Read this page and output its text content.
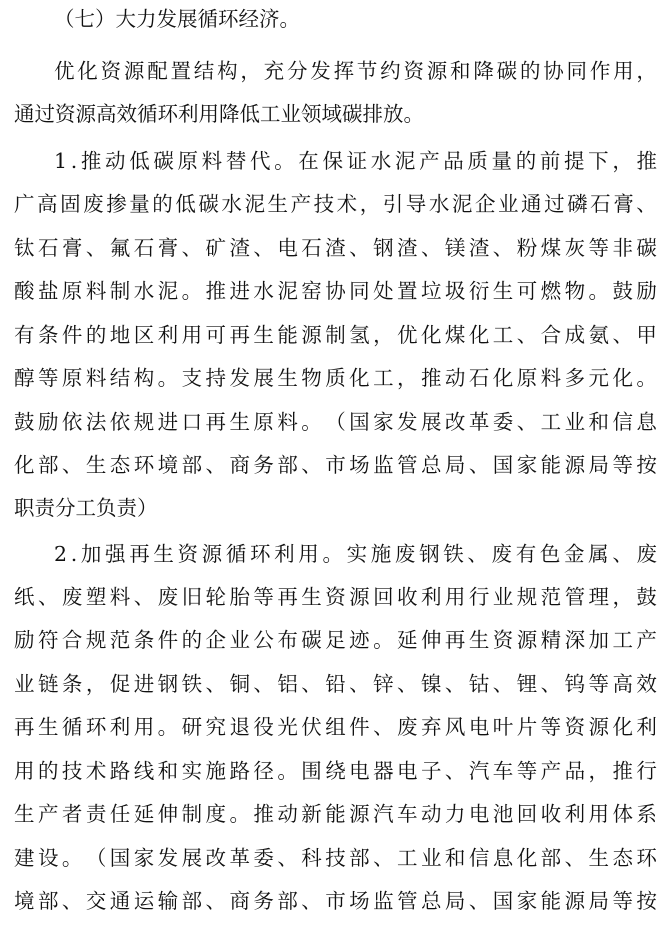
（七）大力发展循环经济。
优 化 资 源 配 置 结 构 ， 充 分 发 挥 节 约 资 源 和 降 碳 的 协 同 作 用 ，
通过资源高效循环利用降低工业领域碳排放。
1 . 推 动 低 碳 原 料 替 代 。 在 保 证 水 泥 产 品 质 量 的 前 提 下 ， 推
广 高 固 废 掺 量 的 低 碳 水 泥 生 产 技 术 ， 引 导 水 泥 企 业 通 过 磷 石 膏 、
钛 石 膏 、 氟 石 膏 、 矿 渣 、 电 石 渣 、 钢 渣 、 镁 渣 、 粉 煤 灰 等 非 碳
酸 盐 原 料 制 水 泥 。 推 进 水 泥 窑 协 同 处 置 垃 圾 衍 生 可 燃 物 。 鼓 励
有 条 件 的 地 区 利 用 可 再 生 能 源 制 氢 ， 优 化 煤 化 工 、 合 成 氨 、 甲
醇 等 原 料 结 构 。 支 持 发 展 生 物 质 化 工 ， 推 动 石 化 原 料 多 元 化 。
鼓 励 依 法 依 规 进 口 再 生 原 料 。 （ 国 家 发 展 改 革 委 、 工 业 和 信 息
化 部 、 生 态 环 境 部 、 商 务 部 、 市 场 监 管 总 局 、 国 家 能 源 局 等 按
职责分工负责）
2 . 加 强 再 生 资 源 循 环 利 用 。 实 施 废 钢 铁 、 废 有 色 金 属 、 废
纸 、 废 塑 料 、 废 旧 轮 胎 等 再 生 资 源 回 收 利 用 行 业 规 范 管 理 ， 鼓
励 符 合 规 范 条 件 的 企 业 公 布 碳 足 迹 。 延 伸 再 生 资 源 精 深 加 工 产
业 链 条 ， 促 进 钢 铁 、 铜 、 铝 、 铅 、 锌 、 镍 、 钴 、 锂 、 钨 等 高 效
再 生 循 环 利 用 。 研 究 退 役 光 伏 组 件 、 废 弃 风 电 叶 片 等 资 源 化 利
用 的 技 术 路 线 和 实 施 路 径 。 围 绕 电 器 电 子 、 汽 车 等 产 品 ， 推 行
生 产 者 责 任 延 伸 制 度 。 推 动 新 能 源 汽 车 动 力 电 池 回 收 利 用 体 系
建 设 。 （ 国 家 发 展 改 革 委 、 科 技 部 、 工 业 和 信 息 化 部 、 生 态 环
境 部 、 交 通 运 输 部 、 商 务 部 、 市 场 监 管 总 局 、 国 家 能 源 局 等 按
